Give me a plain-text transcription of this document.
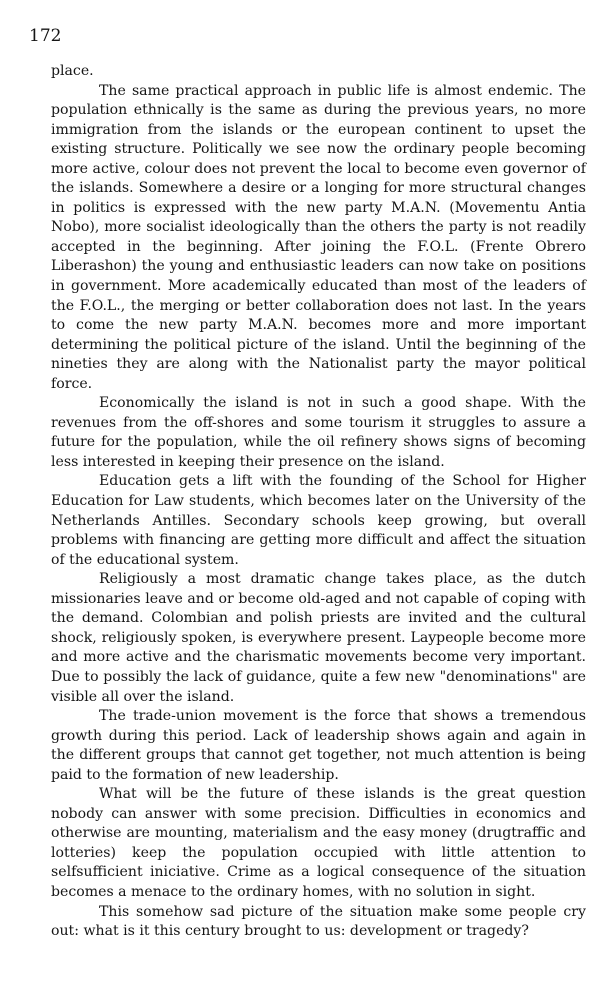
172

place.

The same practical approach in public life is almost endemic. The population ethnically is the same as during the previous years, no more immigration from the islands or the european continent to upset the existing structure. Politically we see now the ordinary people becoming more active, colour does not prevent the local to become even governor of the islands. Somewhere a desire or a longing for more structural changes in politics is expressed with the new party M.A.N. (Movementu Antia Nobo), more socialist ideologically than the others the party is not readily accepted in the beginning. After joining the F.O.L. (Frente Obrero Liberashon) the young and enthusiastic leaders can now take on positions in government. More academically educated than most of the leaders of the F.O.L., the merging or better collaboration does not last. In the years to come the new party M.A.N. becomes more and more important determining the political picture of the island. Until the beginning of the nineties they are along with the Nationalist party the mayor political force.

Economically the island is not in such a good shape. With the revenues from the off-shores and some tourism it struggles to assure a future for the population, while the oil refinery shows signs of becoming less interested in keeping their presence on the island.

Education gets a lift with the founding of the School for Higher Education for Law students, which becomes later on the University of the Netherlands Antilles. Secondary schools keep growing, but overall problems with financing are getting more difficult and affect the situation of the educational system.

Religiously a most dramatic change takes place, as the dutch missionaries leave and or become old-aged and not capable of coping with the demand. Colombian and polish priests are invited and the cultural shock, religiously spoken, is everywhere present. Laypeople become more and more active and the charismatic movements become very important. Due to possibly the lack of guidance, quite a few new "denominations" are visible all over the island.

The trade-union movement is the force that shows a tremendous growth during this period. Lack of leadership shows again and again in the different groups that cannot get together, not much attention is being paid to the formation of new leadership.

What will be the future of these islands is the great question nobody can answer with some precision. Difficulties in economics and otherwise are mounting, materialism and the easy money (drugtraffic and lotteries) keep the population occupied with little attention to selfsufficient iniciative. Crime as a logical consequence of the situation becomes a menace to the ordinary homes, with no solution in sight.

This somehow sad picture of the situation make some people cry out: what is it this century brought to us: development or tragedy?
